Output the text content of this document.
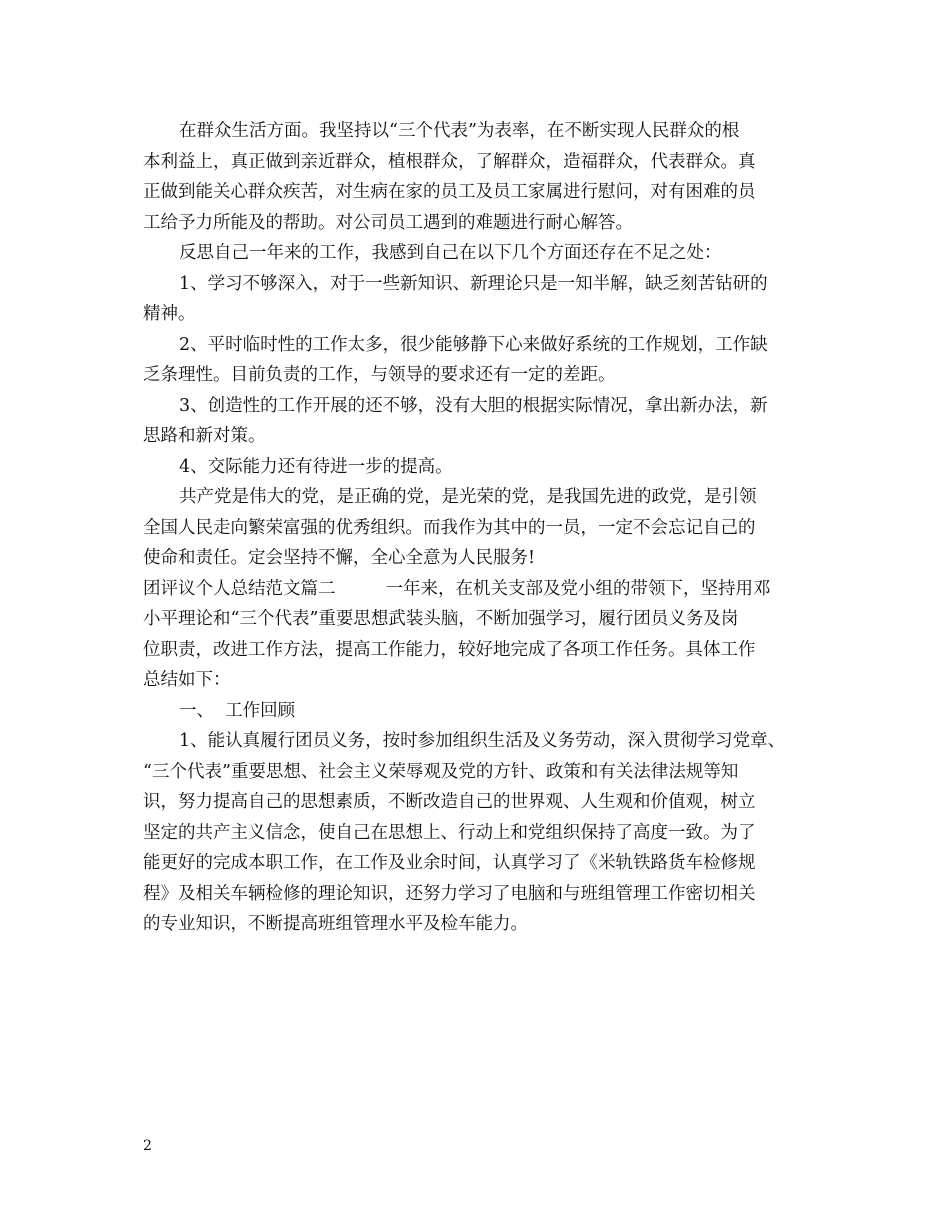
在群众生活方面。我坚持以“三个代表”为表率，在不断实现人民群众的根
本利益上，真正做到亲近群众，植根群众，了解群众，造福群众，代表群众。真
正做到能关心群众疾苦，对生病在家的员工及员工家属进行慰问，对有困难的员
工给予力所能及的帮助。对公司员工遇到的难题进行耐心解答。
反思自己一年来的工作，我感到自己在以下几个方面还存在不足之处：
1、学习不够深入，对于一些新知识、新理论只是一知半解，缺乏刻苦钻研的
精神。
2、平时临时性的工作太多，很少能够静下心来做好系统的工作规划，工作缺
乏条理性。目前负责的工作，与领导的要求还有一定的差距。
3、创造性的工作开展的还不够，没有大胆的根据实际情况，拿出新办法，新
思路和新对策。
4、交际能力还有待进一步的提高。
共产党是伟大的党，是正确的党，是光荣的党，是我国先进的政党，是引领
全国人民走向繁荣富强的优秀组织。而我作为其中的一员，一定不会忘记自己的
使命和责任。定会坚持不懈，全心全意为人民服务!
团评议个人总结范文篇二	一年来，在机关支部及党小组的带领下，坚持用邓
小平理论和“三个代表”重要思想武装头脑，不断加强学习，履行团员义务及岗
位职责，改进工作方法，提高工作能力，较好地完成了各项工作任务。具体工作
总结如下：
一、  工作回顾
1、能认真履行团员义务，按时参加组织生活及义务劳动，深入贯彻学习党章、
“三个代表”重要思想、社会主义荣辱观及党的方针、政策和有关法律法规等知
识，努力提高自己的思想素质，不断改造自己的世界观、人生观和价值观，树立
坚定的共产主义信念，使自己在思想上、行动上和党组织保持了高度一致。为了
能更好的完成本职工作，在工作及业余时间，认真学习了《米轨铁路货车检修规
程》及相关车辆检修的理论知识，还努力学习了电脑和与班组管理工作密切相关
的专业知识，不断提高班组管理水平及检车能力。
2
